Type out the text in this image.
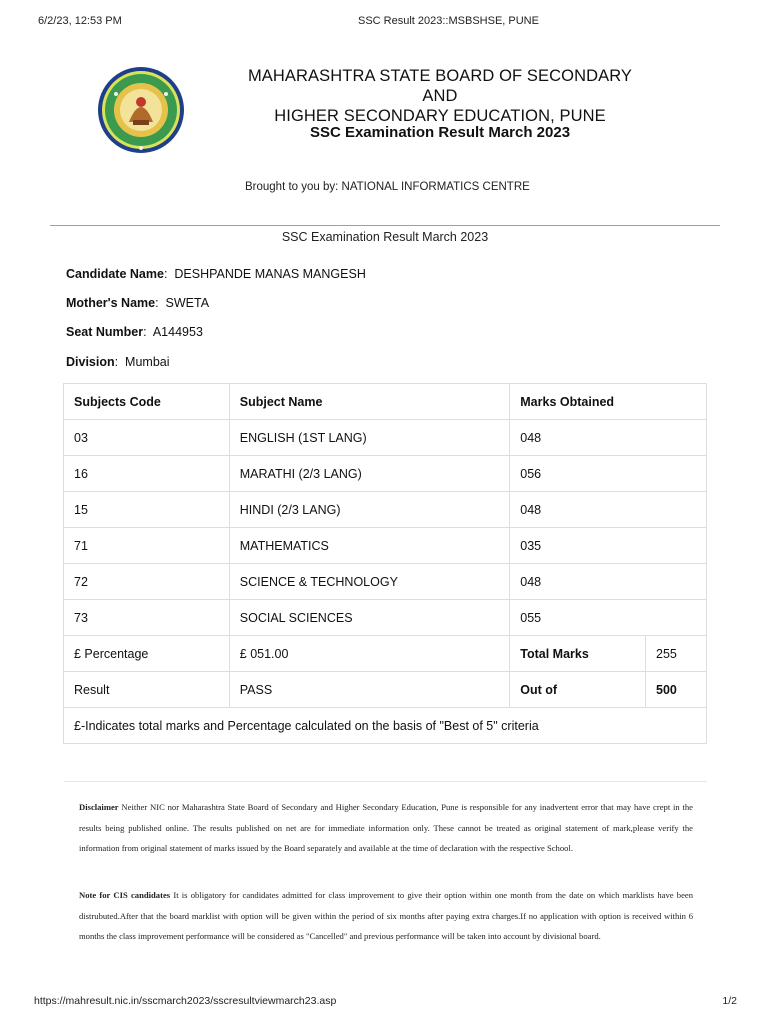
6/2/23, 12:53 PM	SSC Result 2023::MSBSHSE, PUNE
MAHARASHTRA STATE BOARD OF SECONDARY AND
HIGHER SECONDARY EDUCATION, PUNE
SSC Examination Result March 2023
Brought to you by: NATIONAL INFORMATICS CENTRE
SSC Examination Result March 2023
Candidate Name:  DESHPANDE MANAS MANGESH
Mother's Name:  SWETA
Seat Number:  A144953
Division:  Mumbai
Subjects Code	Subject Name	Marks Obtained	
03	ENGLISH (1ST LANG)	048	
16	MARATHI (2/3 LANG)	056	
15	HINDI (2/3 LANG)	048	
71	MATHEMATICS	035	
72	SCIENCE & TECHNOLOGY	048	
73	SOCIAL SCIENCES	055	
£ Percentage	£ 051.00	Total Marks	255
Result	PASS	Out of	500
£-Indicates total marks and Percentage calculated on the basis of "Best of 5" criteria			
Disclaimer Neither NIC nor Maharashtra State Board of Secondary and Higher Secondary Education, Pune is responsible for any inadvertent error that may have crept in the results being published online. The results published on net are for immediate information only. These cannot be treated as original statement of mark,please verify the information from original statement of marks issued by the Board separately and available at the time of declaration with the respective School.
Note for CIS candidates It is obligatory for candidates admitted for class improvement to give their option within one month from the date on which marklists have been distrubuted.After that the board marklist with option will be given within the period of six months after paying extra charges.If no application with option is received within 6 months the class improvement performance will be considered as "Cancelled" and previous performance will be taken into account by divisional board.
https://mahresult.nic.in/sscmarch2023/sscresultviewmarch23.asp	1/2
